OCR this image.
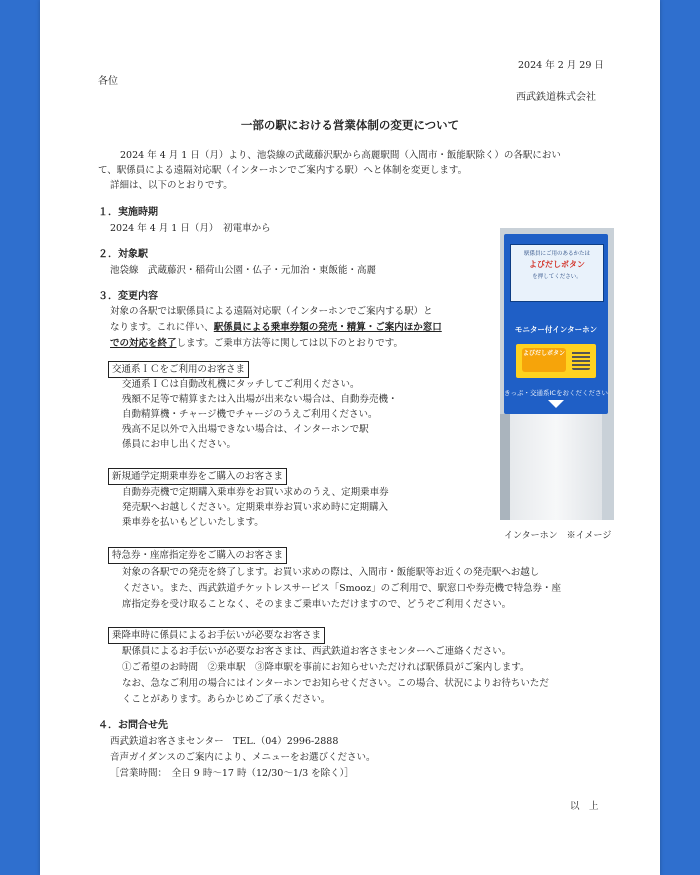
2024 年 2 月 29 日
各位
西武鉄道株式会社
一部の駅における営業体制の変更について
2024 年 4 月 1 日（月）より、池袋線の武蔵藤沢駅から高麗駅間（入間市・飯能駅除く）の各駅におい
て、駅係員による遠隔対応駅（インターホンでご案内する駅）へと体制を変更します。
詳細は、以下のとおりです。
１．実施時期
2024 年 4 月 1 日（月）　初電車から
２．対象駅
池袋線　武蔵藤沢・稲荷山公園・仏子・元加治・東飯能・高麗
３．変更内容
対象の各駅では駅係員による遠隔対応駅（インターホンでご案内する駅）と
なります。これに伴い、駅係員による乗車券類の発売・精算・ご案内ほか窓口
での対応を終了します。ご乗車方法等に関しては以下のとおりです。
交通系ＩＣをご利用のお客さま
交通系ＩＣは自動改札機にタッチしてご利用ください。
残額不足等で精算または入出場が出来ない場合は、自動券売機・
自動精算機・チャージ機でチャージのうえご利用ください。
残高不足以外で入出場できない場合は、インターホンで駅
係員にお申し出ください。
新規通学定期乗車券をご購入のお客さま
自動券売機で定期購入乗車券をお買い求めのうえ、定期乗車券
発売駅へお越しください。定期乗車券お買い求め時に定期購入
乗車券を払いもどしいたします。
特急券・座席指定券をご購入のお客さま
対象の各駅での発売を終了します。お買い求めの際は、入間市・飯能駅等お近くの発売駅へお越し
ください。また、西武鉄道チケットレスサービス「Smooz」のご利用で、駅窓口や券売機で特急券・座
席指定券を受け取ることなく、そのままご乗車いただけますので、どうぞご利用ください。
乗降車時に係員によるお手伝いが必要なお客さま
駅係員によるお手伝いが必要なお客さまは、西武鉄道お客さまセンターへご連絡ください。
①ご希望のお時間　②乗車駅　③降車駅を事前にお知らせいただければ駅係員がご案内します。
なお、急なご利用の場合にはインターホンでお知らせください。この場合、状況によりお待ちいただ
くことがあります。あらかじめご了承ください。
４．お問合せ先
西武鉄道お客さまセンター　TEL.（04）2996-2888
音声ガイダンスのご案内により、メニューをお選びください。
［営業時間：　全日 9 時～17 時（12/30～1/3 を除く）］
以　上
駅係員にご用のあるかたは
よびだしボタン
を押してください。
モニター付インターホン
よびだしボタン
きっぷ・交通系ICをおくだください
インターホン　※イメージ
